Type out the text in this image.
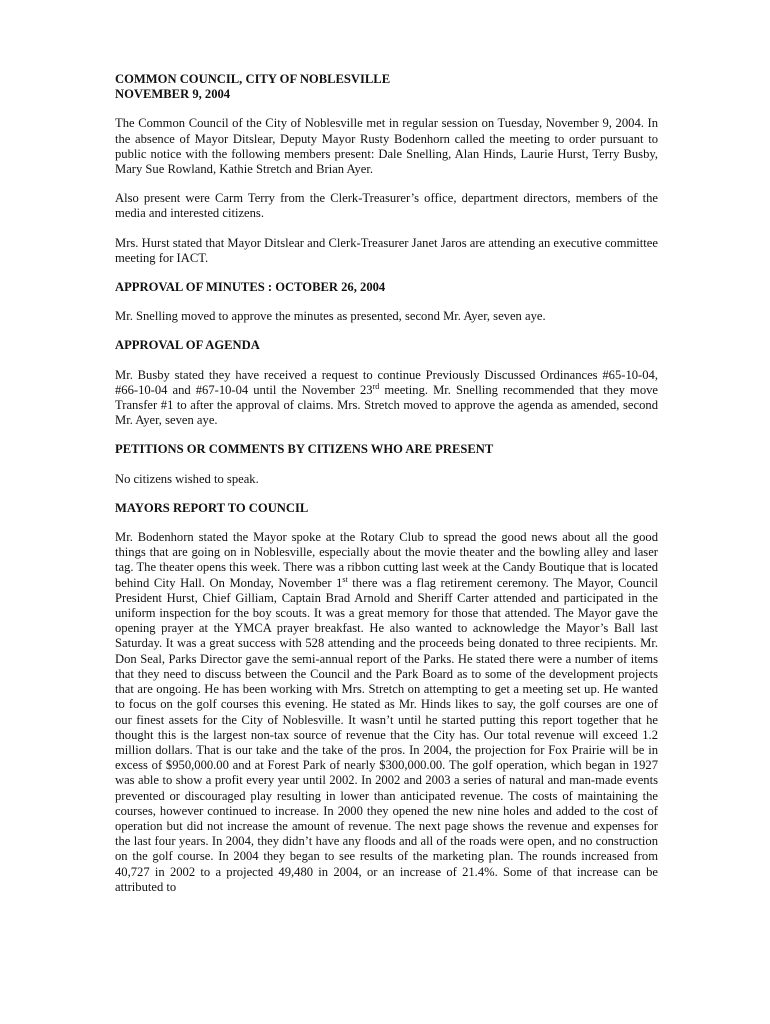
COMMON COUNCIL, CITY OF NOBLESVILLE
NOVEMBER 9, 2004

The Common Council of the City of Noblesville met in regular session on Tuesday, November 9, 2004. In the absence of Mayor Ditslear, Deputy Mayor Rusty Bodenhorn called the meeting to order pursuant to public notice with the following members present: Dale Snelling, Alan Hinds, Laurie Hurst, Terry Busby, Mary Sue Rowland, Kathie Stretch and Brian Ayer.

Also present were Carm Terry from the Clerk-Treasurer’s office, department directors, members of the media and interested citizens.

Mrs. Hurst stated that Mayor Ditslear and Clerk-Treasurer Janet Jaros are attending an executive committee meeting for IACT.

APPROVAL OF MINUTES : OCTOBER 26, 2004

Mr. Snelling moved to approve the minutes as presented, second Mr. Ayer, seven aye.

APPROVAL OF AGENDA

Mr. Busby stated they have received a request to continue Previously Discussed Ordinances #65-10-04, #66-10-04 and #67-10-04 until the November 23rd meeting. Mr. Snelling recommended that they move Transfer #1 to after the approval of claims. Mrs. Stretch moved to approve the agenda as amended, second Mr. Ayer, seven aye.

PETITIONS OR COMMENTS BY CITIZENS WHO ARE PRESENT

No citizens wished to speak.

MAYORS REPORT TO COUNCIL

Mr. Bodenhorn stated the Mayor spoke at the Rotary Club to spread the good news about all the good things that are going on in Noblesville, especially about the movie theater and the bowling alley and laser tag. The theater opens this week. There was a ribbon cutting last week at the Candy Boutique that is located behind City Hall. On Monday, November 1st there was a flag retirement ceremony. The Mayor, Council President Hurst, Chief Gilliam, Captain Brad Arnold and Sheriff Carter attended and participated in the uniform inspection for the boy scouts. It was a great memory for those that attended. The Mayor gave the opening prayer at the YMCA prayer breakfast. He also wanted to acknowledge the Mayor’s Ball last Saturday. It was a great success with 528 attending and the proceeds being donated to three recipients. Mr. Don Seal, Parks Director gave the semi-annual report of the Parks. He stated there were a number of items that they need to discuss between the Council and the Park Board as to some of the development projects that are ongoing. He has been working with Mrs. Stretch on attempting to get a meeting set up. He wanted to focus on the golf courses this evening. He stated as Mr. Hinds likes to say, the golf courses are one of our finest assets for the City of Noblesville. It wasn’t until he started putting this report together that he thought this is the largest non-tax source of revenue that the City has. Our total revenue will exceed 1.2 million dollars. That is our take and the take of the pros. In 2004, the projection for Fox Prairie will be in excess of $950,000.00 and at Forest Park of nearly $300,000.00. The golf operation, which began in 1927 was able to show a profit every year until 2002. In 2002 and 2003 a series of natural and man-made events prevented or discouraged play resulting in lower than anticipated revenue. The costs of maintaining the courses, however continued to increase. In 2000 they opened the new nine holes and added to the cost of operation but did not increase the amount of revenue. The next page shows the revenue and expenses for the last four years. In 2004, they didn’t have any floods and all of the roads were open, and no construction on the golf course. In 2004 they began to see results of the marketing plan. The rounds increased from 40,727 in 2002 to a projected 49,480 in 2004, or an increase of 21.4%. Some of that increase can be attributed to
